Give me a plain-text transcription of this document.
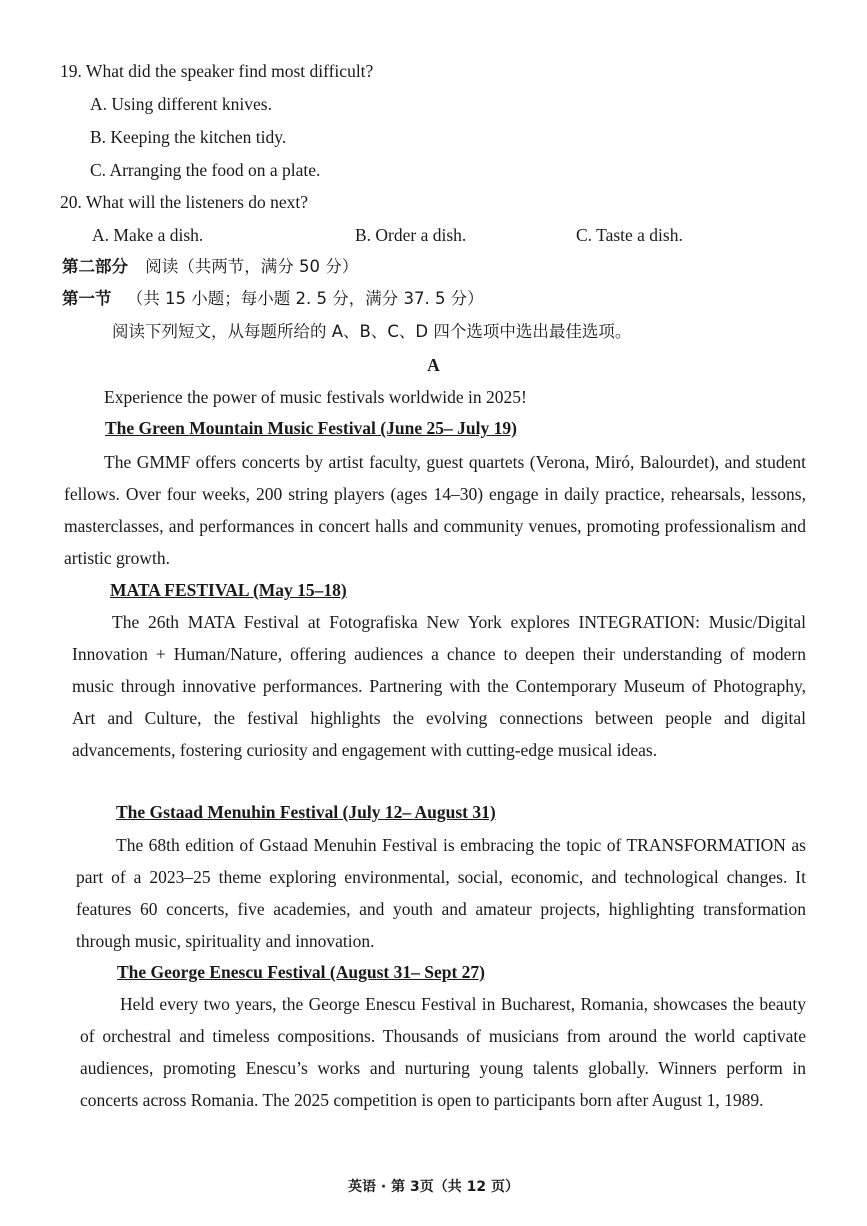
19. What did the speaker find most difficult?
A. Using different knives.
B. Keeping the kitchen tidy.
C. Arranging the food on a plate.
20. What will the listeners do next?
A. Make a dish.	B. Order a dish.	C. Taste a dish.
第二部分 阅读（共两节，满分 50 分）
第一节 （共 15 小题；每小题 2. 5 分，满分 37. 5 分）
阅读下列短文，从每题所给的 A、B、C、D 四个选项中选出最佳选项。
A
Experience the power of music festivals worldwide in 2025!
The Green Mountain Music Festival (June 25– July 19)
The GMMF offers concerts by artist faculty, guest quartets (Verona, Miró, Balourdet), and student fellows. Over four weeks, 200 string players (ages 14–30) engage in daily practice, rehearsals, lessons, masterclasses, and performances in concert halls and community venues, promoting professionalism and artistic growth.
MATA FESTIVAL (May 15–18)
The 26th MATA Festival at Fotografiska New York explores INTEGRATION: Music/Digital Innovation + Human/Nature, offering audiences a chance to deepen their understanding of modern music through innovative performances. Partnering with the Contemporary Museum of Photography, Art and Culture, the festival highlights the evolving connections between people and digital advancements, fostering curiosity and engagement with cutting-edge musical ideas.
The Gstaad Menuhin Festival (July 12– August 31)
The 68th edition of Gstaad Menuhin Festival is embracing the topic of TRANSFORMATION as part of a 2023–25 theme exploring environmental, social, economic, and technological changes. It features 60 concerts, five academies, and youth and amateur projects, highlighting transformation through music, spirituality and innovation.
The George Enescu Festival (August 31– Sept 27)
Held every two years, the George Enescu Festival in Bucharest, Romania, showcases the beauty of orchestral and timeless compositions. Thousands of musicians from around the world captivate audiences, promoting Enescu’s works and nurturing young talents globally. Winners perform in concerts across Romania. The 2025 competition is open to participants born after August 1, 1989.
英语 · 第 3页（共 12 页）
